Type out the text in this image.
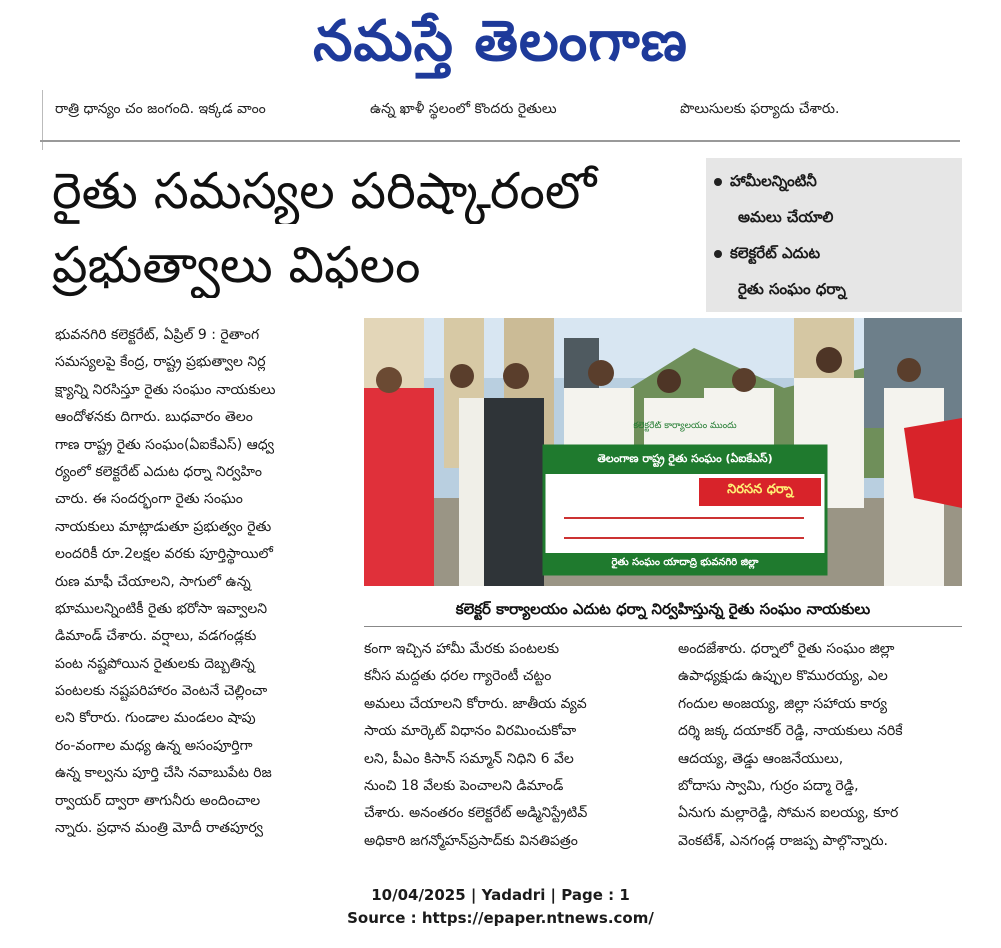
నమస్తే తెలంగాణ
రాత్రి ధాన్యం చం జంగంది. ఇక్కడ వాంం	ఉన్న ఖాళీ స్థలంలో కొందరు రైతులు	పొలుసులకు ఫర్యాదు చేశారు.
రైతు సమస్యల పరిష్కారంలో
ప్రభుత్వాలు విఫలం
హామీలన్నింటినీ
అమలు చేయాలి
కలెక్టరేట్ ఎదుట
రైతు సంఘం ధర్నా
భువనగిరి కలెక్టరేట్, ఏప్రిల్ 9 : రైతాంగ
సమస్యలపై కేంద్ర, రాష్ట్ర ప్రభుత్వాల నిర్ల
క్ష్యాన్ని నిరసిస్తూ రైతు సంఘం నాయకులు
ఆందోళనకు దిగారు. బుధవారం తెలం
గాణ రాష్ట్ర రైతు సంఘం(ఏఐకేఎస్) ఆధ్వ
ర్యంలో కలెక్టరేట్ ఎదుట ధర్నా నిర్వహిం
చారు. ఈ సందర్భంగా రైతు సంఘం
నాయకులు మాట్లాడుతూ ప్రభుత్వం రైతు
లందరికీ రూ.2లక్షల వరకు పూర్తిస్థాయిలో
రుణ మాఫీ చేయాలని, సాగులో ఉన్న
భూములన్నింటికీ రైతు భరోసా ఇవ్వాలని
డిమాండ్ చేశారు. వర్షాలు, వడగండ్లకు
పంట నష్టపోయిన రైతులకు దెబ్బతిన్న
పంటలకు నష్టపరిహారం వెంటనే చెల్లించా
లని కోరారు. గుండాల మండలం షాపు
రం-వంగాల మధ్య ఉన్న అసంపూర్తిగా
ఉన్న కాల్వను పూర్తి చేసి నవాబుపేట రిజ
ర్వాయర్ ద్వారా తాగునీరు అందించాల
న్నారు. ప్రధాన మంత్రి మోదీ రాతపూర్వ
కలెక్టరేట్ కార్యాలయం ముందు
తెలంగాణ రాష్ట్ర రైతు సంఘం (ఏఐకేఎస్)
నిరసన ధర్నా
రైతు సంఘం యాదాద్రి భువనగిరి జిల్లా
కలెక్టర్ కార్యాలయం ఎదుట ధర్నా నిర్వహిస్తున్న రైతు సంఘం నాయకులు
కంగా ఇచ్చిన హామీ మేరకు పంటలకు
కనీస మద్దతు ధరల గ్యారెంటీ చట్టం
అమలు చేయాలని కోరారు. జాతీయ వ్యవ
సాయ మార్కెట్ విధానం విరమించుకోవా
లని, పీఎం కిసాన్ సమ్మాన్ నిధిని 6 వేల
నుంచి 18 వేలకు పెంచాలని డిమాండ్
చేశారు. అనంతరం కలెక్టరేట్ అడ్మినిస్ట్రేటివ్
అధికారి జగన్మోహన్‌ప్రసాద్‌కు వినతిపత్రం
అందజేశారు. ధర్నాలో రైతు సంఘం జిల్లా
ఉపాధ్యక్షుడు ఉప్పుల కొమురయ్య, ఎల
గందుల అంజయ్య, జిల్లా సహాయ కార్య
దర్శి జక్క దయాకర్ రెడ్డి, నాయకులు నరికే
ఆదయ్య, తెడ్డు ఆంజనేయులు,
బోదాసు స్వామి, గుర్రం పద్మా రెడ్డి,
ఏనుగు మల్లారెడ్డి, సోమన ఐలయ్య, కూర
వెంకటేశ్, ఎనగండ్ల రాజప్ప పాల్గొన్నారు.
10/04/2025 | Yadadri | Page : 1
Source : https://epaper.ntnews.com/
